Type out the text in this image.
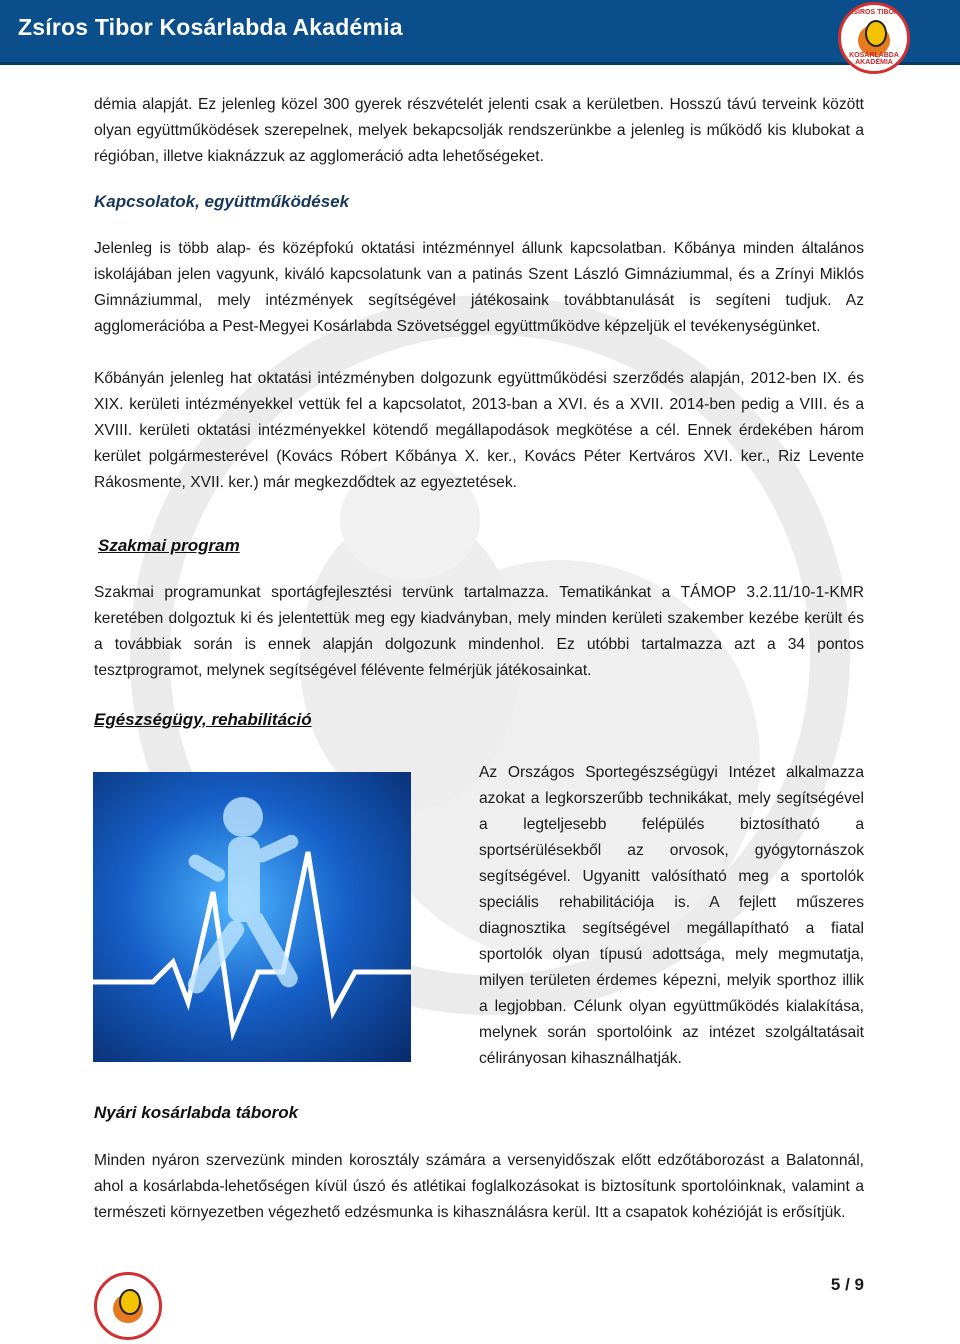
Zsíros Tibor Kosárlabda Akadémia
ZSÍROS TIBOR
KOSÁRLABDA AKADÉMIA

démia alapját. Ez jelenleg közel 300 gyerek részvételét jelenti csak a kerületben. Hosszú távú terveink között olyan együttműködések szerepelnek, melyek bekapcsolják rendszerünkbe a jelenleg is működő kis klubokat a régióban, illetve kiaknázzuk az agglomeráció adta lehetőségeket.

Kapcsolatok, együttműködések

Jelenleg is több alap- és középfokú oktatási intézménnyel állunk kapcsolatban. Kőbánya minden általános iskolájában jelen vagyunk, kiváló kapcsolatunk van a patinás Szent László Gimnáziummal, és a Zrínyi Miklós Gimnáziummal, mely intézmények segítségével játékosaink továbbtanulását is segíteni tudjuk. Az agglomerációba a Pest-Megyei Kosárlabda Szövetséggel együttműködve képzeljük el tevékenységünket.

Kőbányán jelenleg hat oktatási intézményben dolgozunk együttműködési szerződés alapján, 2012-ben IX. és XIX. kerületi intézményekkel vettük fel a kapcsolatot, 2013-ban a XVI. és a XVII. 2014-ben pedig a VIII. és a XVIII. kerületi oktatási intézményekkel kötendő megállapodások megkötése a cél. Ennek érdekében három kerület polgármesterével (Kovács Róbert Kőbánya X. ker., Kovács Péter Kertváros XVI. ker., Riz Levente Rákosmente, XVII. ker.) már megkezdődtek az egyeztetések.

Szakmai program

Szakmai programunkat sportágfejlesztési tervünk tartalmazza. Tematikánkat a TÁMOP 3.2.11/10-1-KMR keretében dolgoztuk ki és jelentettük meg egy kiadványban, mely minden kerületi szakember kezébe került és a továbbiak során is ennek alapján dolgozunk mindenhol. Ez utóbbi tartalmazza azt a 34 pontos tesztprogramot, melynek segítségével félévente felmérjük játékosainkat.

Egészségügy, rehabilitáció

Az Országos Sportegészségügyi Intézet alkalmazza azokat a legkorszerűbb technikákat, mely segítségével a legteljesebb felépülés biztosítható a sportsérülésekből az orvosok, gyógytornászok segítségével. Ugyanitt valósítható meg a sportolók speciális rehabilitációja is. A fejlett műszeres diagnosztika segítségével megállapítható a fiatal sportolók olyan típusú adottsága, mely megmutatja, milyen területen érdemes képezni, melyik sporthoz illik a legjobban. Célunk olyan együttműködés kialakítása, melynek során sportolóink az intézet szolgáltatásait célirányosan kihasználhatják.

Nyári kosárlabda táborok

Minden nyáron szervezünk minden korosztály számára a versenyidőszak előtt edzőtáborozást a Balatonnál, ahol a kosárlabda-lehetőségen kívül úszó és atlétikai foglalkozásokat is biztosítunk sportolóinknak, valamint a természeti környezetben végezhető edzésmunka is kihasználásra kerül. Itt a csapatok kohézióját is erősítjük.

5 / 9
